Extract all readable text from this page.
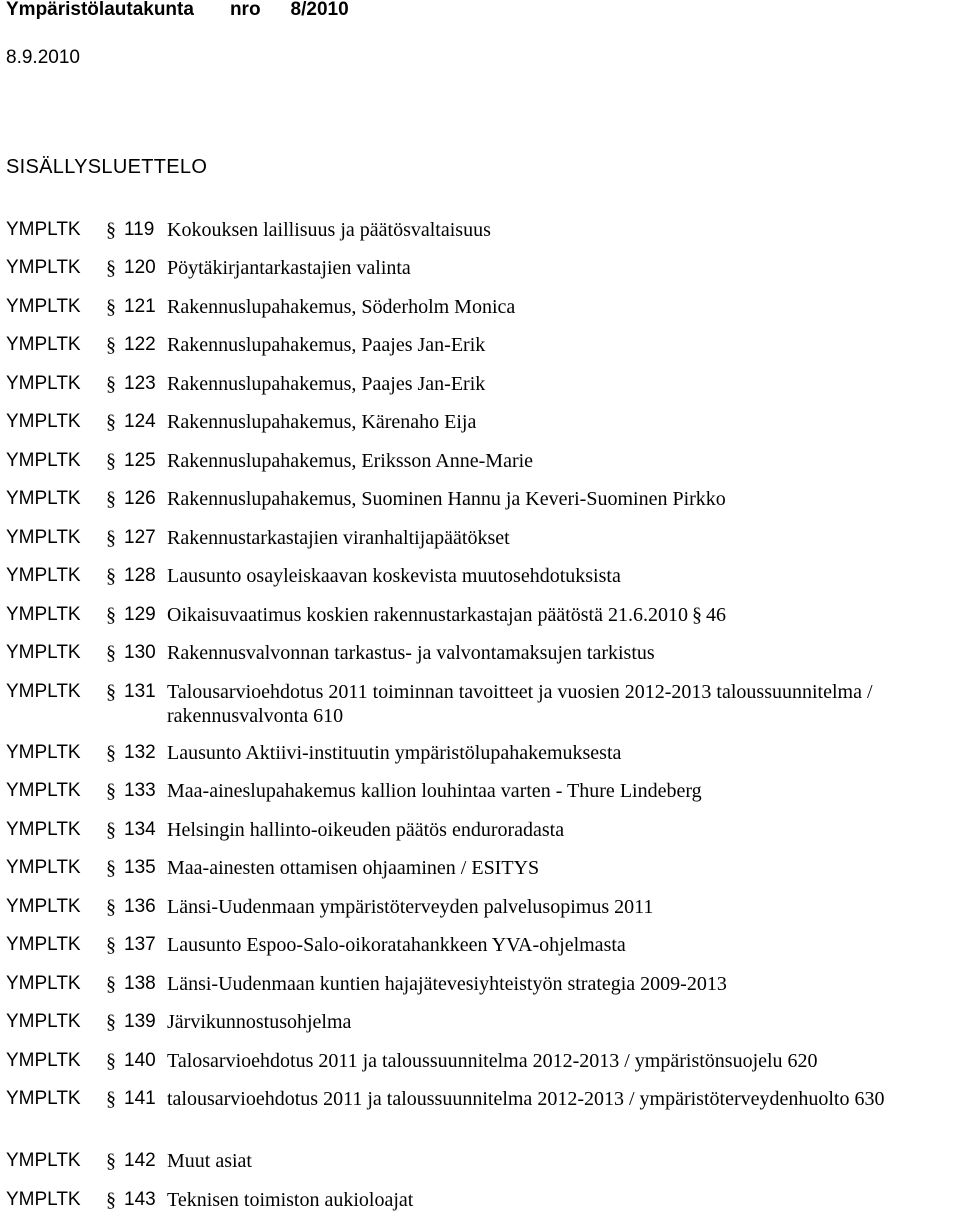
Ympäristölautakunta nro 8/2010
8.9.2010
SISÄLLYSLUETTELO
YMPLTK § 119 Kokouksen laillisuus ja päätösvaltaisuus
YMPLTK § 120 Pöytäkirjantarkastajien valinta
YMPLTK § 121 Rakennuslupahakemus, Söderholm Monica
YMPLTK § 122 Rakennuslupahakemus, Paajes Jan-Erik
YMPLTK § 123 Rakennuslupahakemus, Paajes Jan-Erik
YMPLTK § 124 Rakennuslupahakemus, Kärenaho Eija
YMPLTK § 125 Rakennuslupahakemus, Eriksson Anne-Marie
YMPLTK § 126 Rakennuslupahakemus, Suominen Hannu ja Keveri-Suominen Pirkko
YMPLTK § 127 Rakennustarkastajien viranhaltijapäätökset
YMPLTK § 128 Lausunto osayleiskaavan koskevista muutosehdotuksista
YMPLTK § 129 Oikaisuvaatimus koskien rakennustarkastajan päätöstä 21.6.2010 § 46
YMPLTK § 130 Rakennusvalvonnan tarkastus- ja valvontamaksujen tarkistus
YMPLTK § 131 Talousarvioehdotus 2011 toiminnan tavoitteet ja vuosien 2012-2013 taloussuunnitelma / rakennusvalvonta 610
YMPLTK § 132 Lausunto Aktiivi-instituutin ympäristölupahakemuksesta
YMPLTK § 133 Maa-aineslupahakemus kallion louhintaa varten - Thure Lindeberg
YMPLTK § 134 Helsingin hallinto-oikeuden päätös enduroradasta
YMPLTK § 135 Maa-ainesten ottamisen ohjaaminen / ESITYS
YMPLTK § 136 Länsi-Uudenmaan ympäristöterveyden palvelusopimus 2011
YMPLTK § 137 Lausunto Espoo-Salo-oikoratahankkeen YVA-ohjelmasta
YMPLTK § 138 Länsi-Uudenmaan kuntien hajajätevesiyhteistyön strategia 2009-2013
YMPLTK § 139 Järvikunnostusohjelma
YMPLTK § 140 Talosarvioehdotus 2011 ja taloussuunnitelma 2012-2013 / ympäristönsuojelu 620
YMPLTK § 141 talousarvioehdotus 2011 ja taloussuunnitelma 2012-2013 / ympäristöterveydenhuolto 630
YMPLTK § 142 Muut asiat
YMPLTK § 143 Teknisen toimiston aukioloajat
